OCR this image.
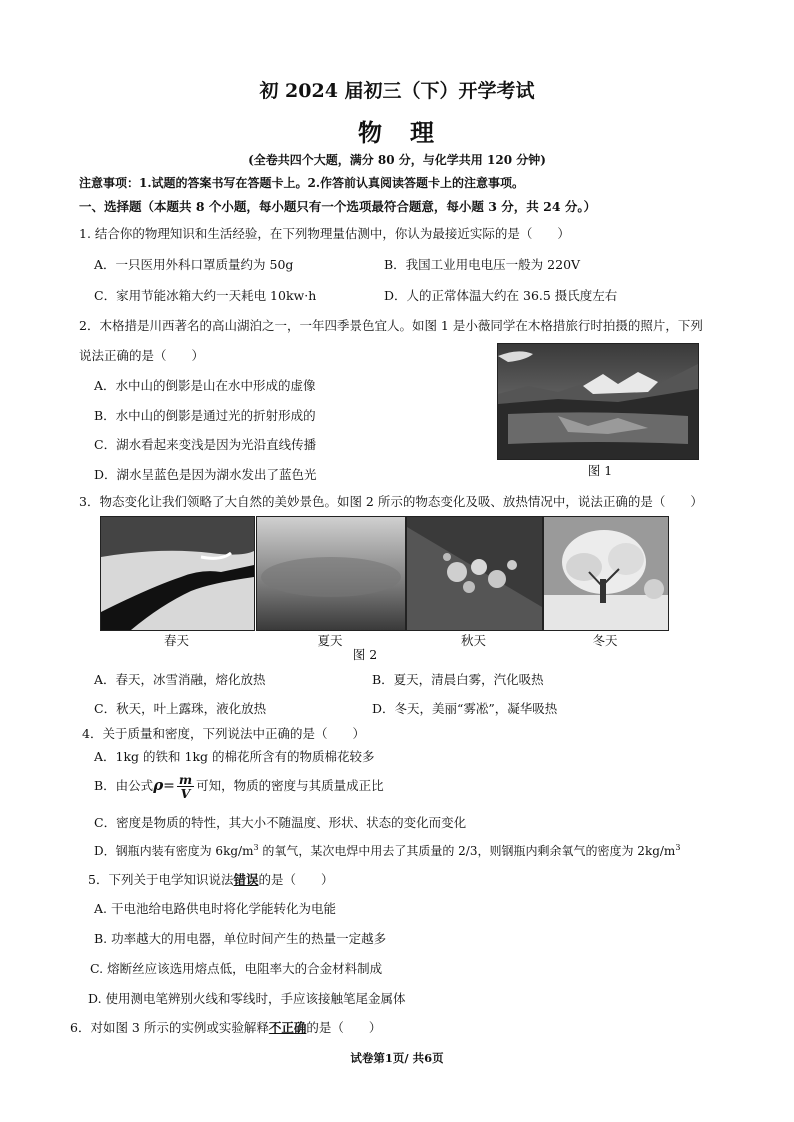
初 2024 届初三（下）开学考试
物　理
(全卷共四个大题，满分 80 分，与化学共用 120 分钟)
注意事项：1.试题的答案书写在答题卡上。2.作答前认真阅读答题卡上的注意事项。
一、选择题（本题共 8 个小题，每小题只有一个选项最符合题意，每小题 3 分，共 24 分。）
1. 结合你的物理知识和生活经验，在下列物理量估测中，你认为最接近实际的是（　　）
A．一只医用外科口罩质量约为 50g	B．我国工业用电电压一般为 220V
C．家用节能冰箱大约一天耗电 10kw·h	D．人的正常体温大约在 36.5 摄氏度左右
2．木格措是川西著名的高山湖泊之一，一年四季景色宜人。如图 1 是小薇同学在木格措旅行时拍摄的照片，下列
说法正确的是（　　）
A．水中山的倒影是山在水中形成的虚像
B．水中山的倒影是通过光的折射形成的
C．湖水看起来变浅是因为光沿直线传播
D．湖水呈蓝色是因为湖水发出了蓝色光	图 1
3．物态变化让我们领略了大自然的美妙景色。如图 2 所示的物态变化及吸、放热情况中，说法正确的是（　　）
春天	夏天	秋天	冬天
图 2
A．春天，冰雪消融，熔化放热	B．夏天，清晨白雾，汽化吸热
C．秋天，叶上露珠，液化放热	D．冬天，美丽“雾凇”，凝华吸热
4．关于质量和密度，下列说法中正确的是（　　）
A．1kg 的铁和 1kg 的棉花所含有的物质棉花较多
B．由公式$\rho= \frac{m}{V}$ 可知，物质的密度与其质量成正比
C．密度是物质的特性，其大小不随温度、形状、状态的变化而变化
D．钢瓶内装有密度为 $6kg/m^3$ 的氧气，某次电焊中用去了其质量的 2/3，则钢瓶内剩余氧气的密度为 $2kg/m^3$
5．下列关于电学知识说法错误的是（　　）
A. 干电池给电路供电时将化学能转化为电能
B. 功率越大的用电器，单位时间产生的热量一定越多
C. 熔断丝应该选用熔点低，电阻率大的合金材料制成
D. 使用测电笔辨别火线和零线时，手应该接触笔尾金属体
6．对如图 3 所示的实例或实验解释不正确的是（　　）
试卷第1页/ 共6页
